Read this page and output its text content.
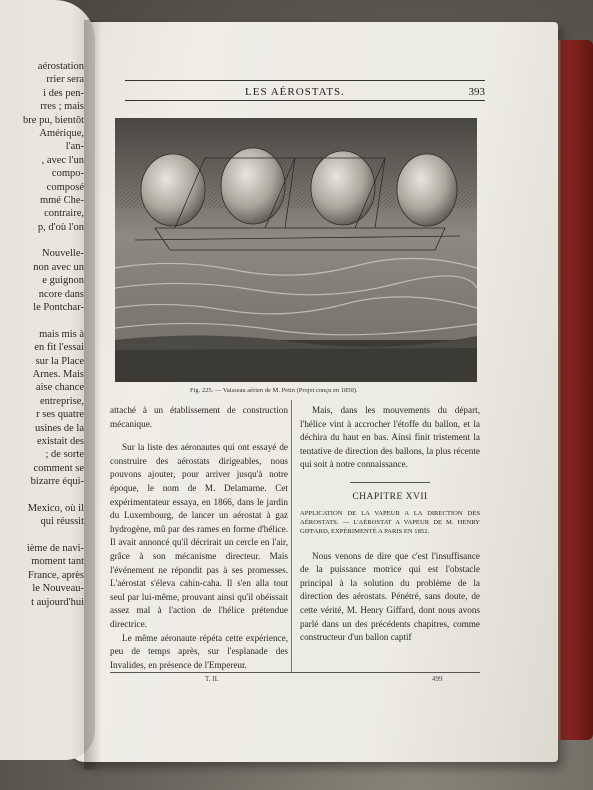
aérostation
rrier sera
i des pen-
rres ; mais
bre pu, bientôt
Amérique,
l'an-
, avec l'un
compo-
composé
mmé Che-
contraire,
p, d'où l'on
Nouvelle-
non avec un
e guignon
ncore dans
le Pontchar-
mais mis à
en fit l'essai
sur la Place
Arnes. Mais
aise chance
entreprise,
r ses quatre
usines de la
existait des
; de sorte
comment se
bizarre équi-
Mexico, où il
qui réussit
ième de navi-
moment tant
France, après
le Nouveau-
t aujourd'hui
LES AÉROSTATS.	393
Fig. 225. — Vaisseau aérien de M. Petin (Projet conçu en 1850).

attaché à un établissement de construction mécanique.

Sur la liste des aéronautes qui ont essayé de construire des aérostats dirigeables, nous pouvons ajouter, pour arriver jusqu'à notre époque, le nom de M. Delamarne. Cet expérimentateur essaya, en 1866, dans le jardin du Luxembourg, de lancer un aérostat à gaz hydrogène, mû par des rames en forme d'hélice. Il avait annoncé qu'il décrirait un cercle en l'air, grâce à son mécanisme directeur. Mais l'événement ne répondit pas à ses promesses. L'aérostat s'éleva cahin-caha. Il s'en alla tout seul par lui-même, prouvant ainsi qu'il obéissait assez mal à l'action de l'hélice prétendue directrice.

Le même aéronaute répéta cette expérience, peu de temps après, sur l'esplanade des Invalides, en présence de l'Empereur.

Mais, dans les mouvements du départ, l'hélice vint à accrocher l'étoffe du ballon, et la déchira du haut en bas. Ainsi finit tristement la tentative de direction des ballons, la plus récente qui soit à notre connaissance.

CHAPITRE XVII
APPLICATION DE LA VAPEUR A LA DIRECTION DES AÉROSTATS. — L'AÉROSTAT A VAPEUR DE M. HENRY GIFFARD, EXPÉRIMENTÉ A PARIS EN 1852.

Nous venons de dire que c'est l'insuffisance de la puissance motrice qui est l'obstacle principal à la solution du problème de la direction des aérostats. Pénétré, sans doute, de cette vérité, M. Henry Giffard, dont nous avons parlé dans un des précédents chapitres, comme constructeur d'un ballon captif

T. II.	499
